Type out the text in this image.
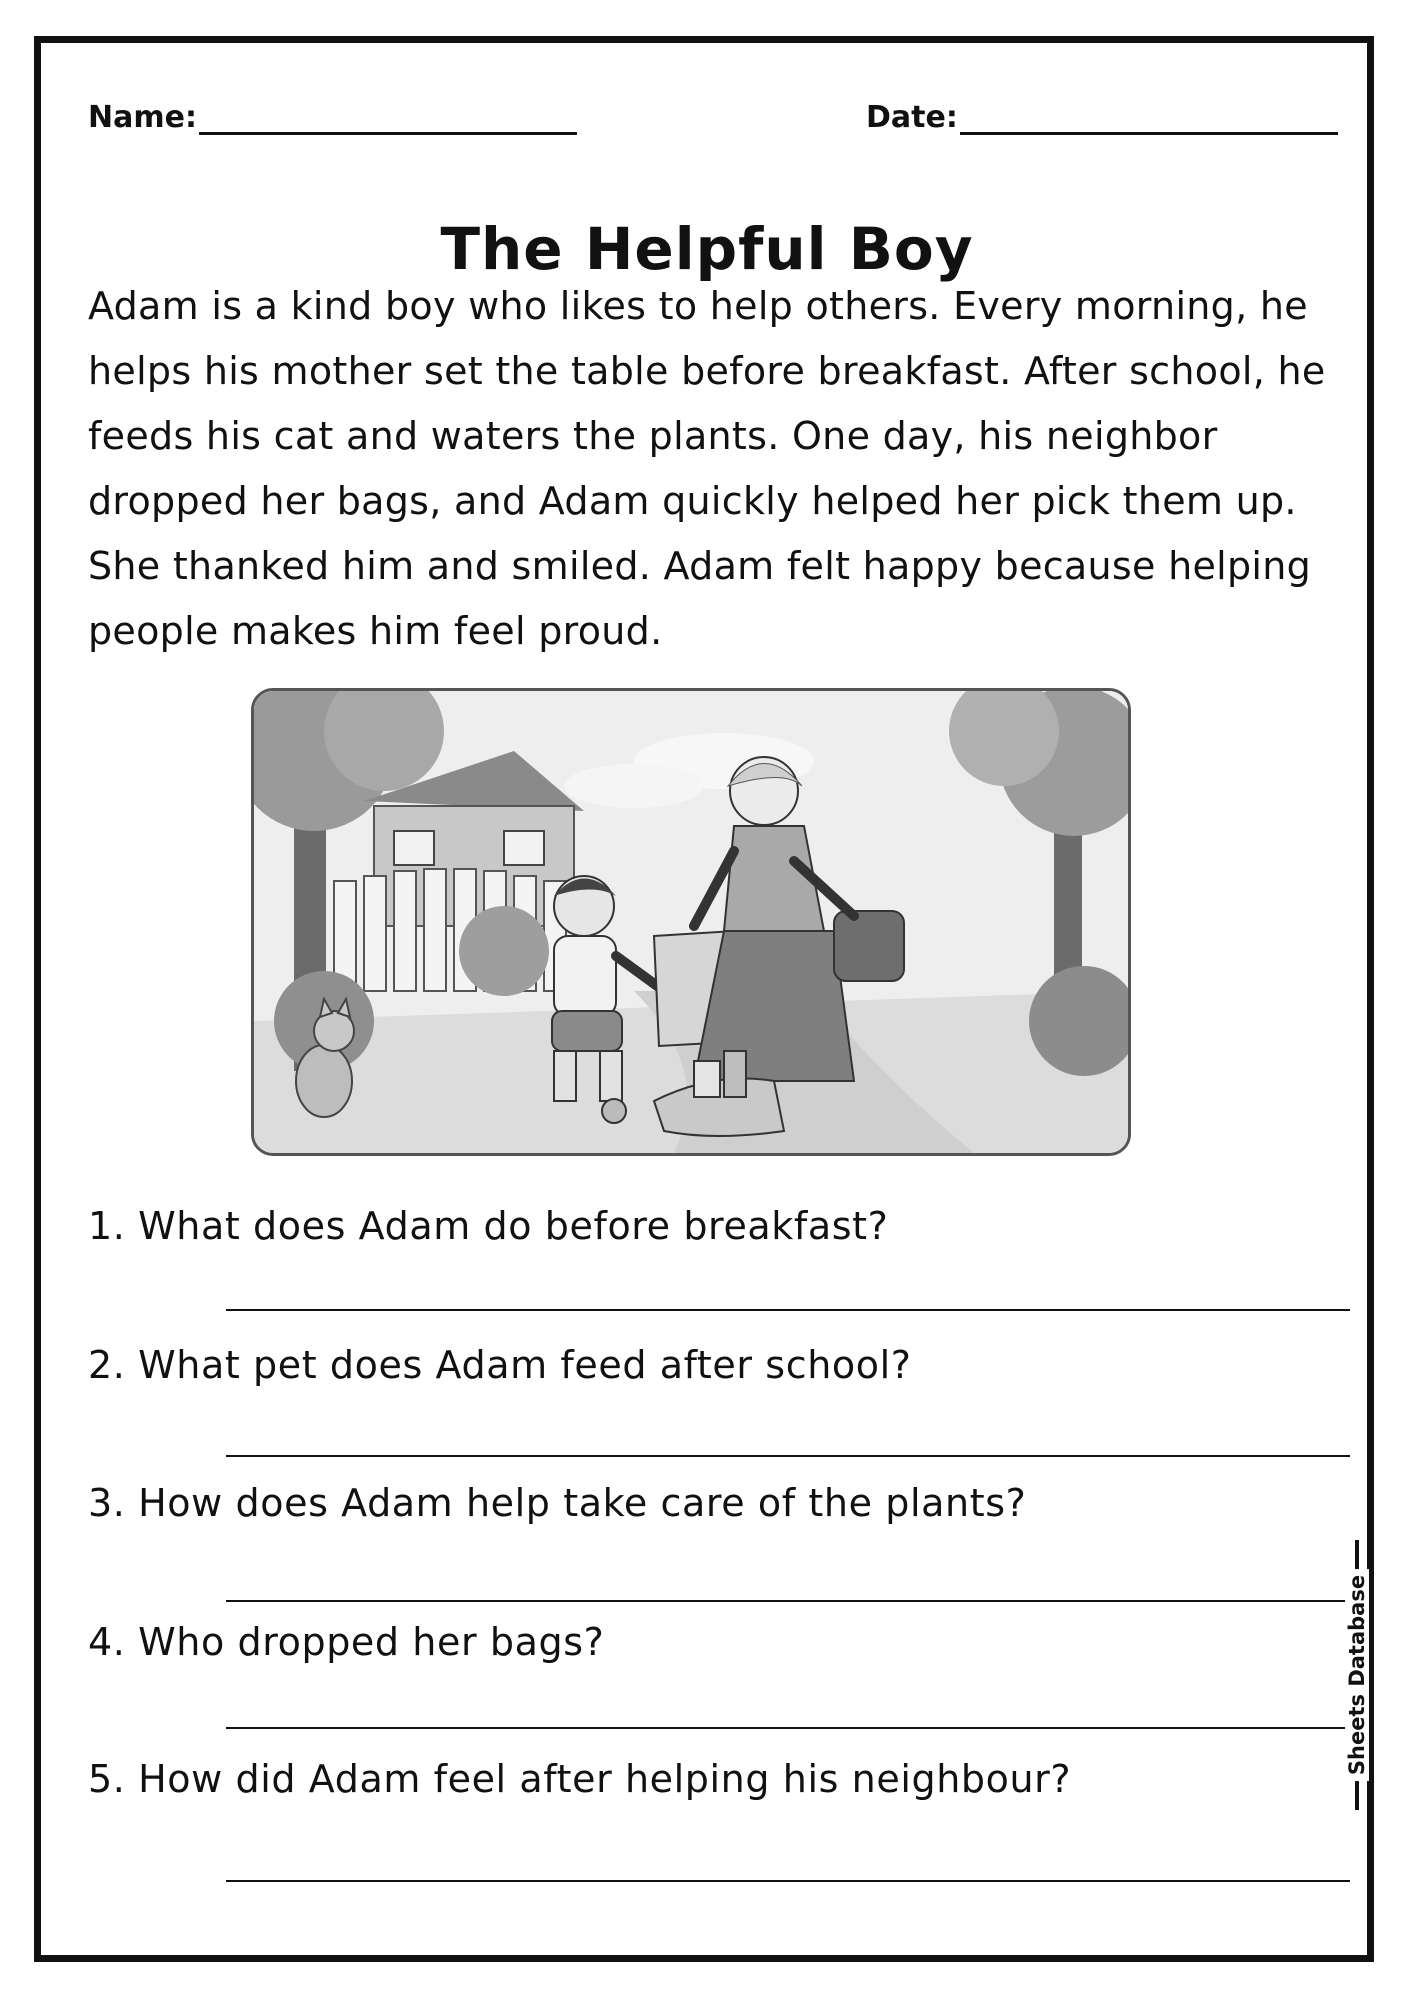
Name:	Date:
The Helpful Boy
Adam is a kind boy who likes to help others. Every morning, he
helps his mother set the table before breakfast. After school, he
feeds his cat and waters the plants. One day, his neighbor
dropped her bags, and Adam quickly helped her pick them up.
She thanked him and smiled. Adam felt happy because helping
people makes him feel proud.
1. What does Adam do before breakfast?
2. What pet does Adam feed after school?
3. How does Adam help take care of the plants?
4. Who dropped her bags?
5. How did Adam feel after helping his neighbour?
Sheets Database
